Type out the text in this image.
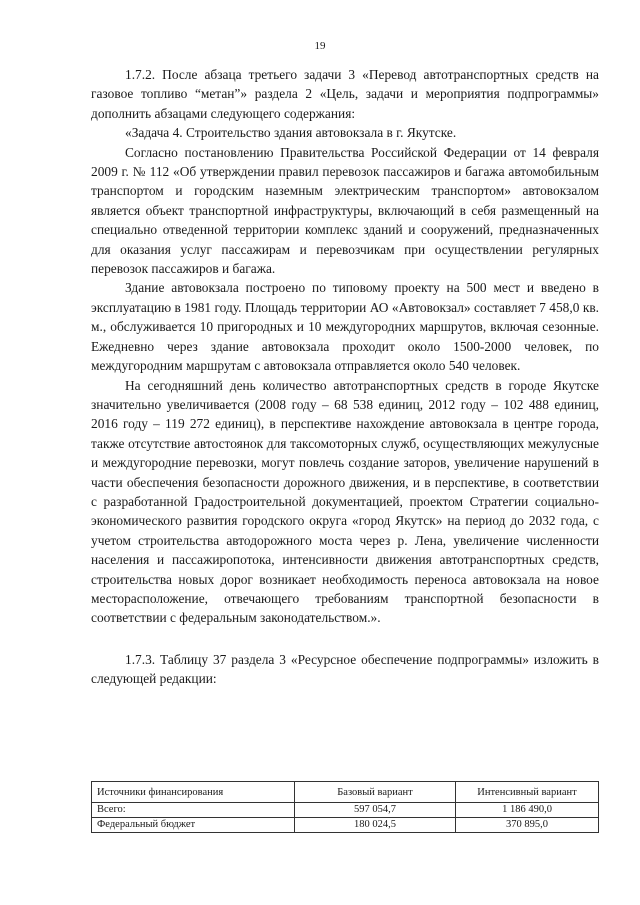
19

1.7.2. После абзаца третьего задачи 3 «Перевод автотранспортных средств на газовое топливо “метан”» раздела 2 «Цель, задачи и мероприятия подпрограммы» дополнить абзацами следующего содержания:

«Задача 4. Строительство здания автовокзала в г. Якутске.

Согласно постановлению Правительства Российской Федерации от 14 февраля 2009 г. № 112 «Об утверждении правил перевозок пассажиров и багажа автомобильным транспортом и городским наземным электрическим транспортом» автовокзалом является объект транспортной инфраструктуры, включающий в себя размещенный на специально отведенной территории комплекс зданий и сооружений, предназначенных для оказания услуг пассажирам и перевозчикам при осуществлении регулярных перевозок пассажиров и багажа.

Здание автовокзала построено по типовому проекту на 500 мест и введено в эксплуатацию в 1981 году. Площадь территории АО «Автовокзал» составляет 7 458,0 кв. м., обслуживается 10 пригородных и 10 междугородних маршрутов, включая сезонные. Ежедневно через здание автовокзала проходит около 1500-2000 человек, по междугородним маршрутам с автовокзала отправляется около 540 человек.

На сегодняшний день количество автотранспортных средств в городе Якутске значительно увеличивается (2008 году – 68 538 единиц, 2012 году – 102 488 единиц, 2016 году – 119 272 единиц), в перспективе нахождение автовокзала в центре города, также отсутствие автостоянок для таксомоторных служб, осуществляющих межулусные и междугородние перевозки, могут повлечь создание заторов, увеличение нарушений в части обеспечения безопасности дорожного движения, и в перспективе, в соответствии с разработанной Градостроительной документацией, проектом Стратегии социально-экономического развития городского округа «город Якутск» на период до 2032 года, с учетом строительства автодорожного моста через р. Лена, увеличение численности населения и пассажиропотока, интенсивности движения автотранспортных средств, строительства новых дорог возникает необходимость переноса автовокзала на новое месторасположение, отвечающего требованиям транспортной безопасности в соответствии с федеральным законодательством.».

1.7.3. Таблицу 37 раздела 3 «Ресурсное обеспечение подпрограммы» изложить в следующей редакции:

Источники финансирования	Базовый вариант	Интенсивный вариант
Всего:	597 054,7	1 186 490,0
Федеральный бюджет	180 024,5	370 895,0
